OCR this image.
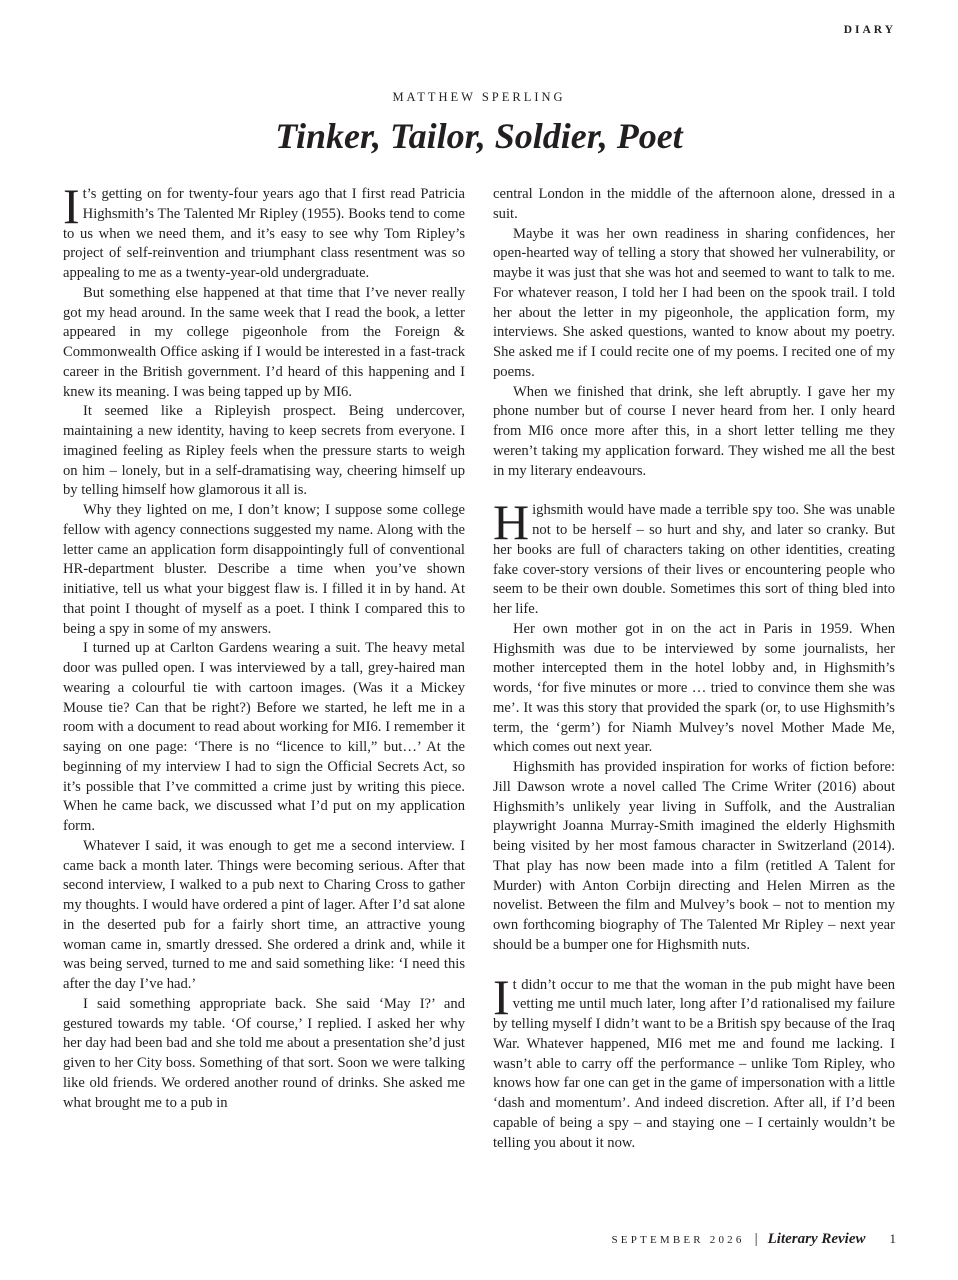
DIARY
MATTHEW SPERLING
Tinker, Tailor, Soldier, Poet

It’s getting on for twenty-four years ago that I first read Patricia Highsmith’s The Talented Mr Ripley (1955). Books tend to come to us when we need them, and it’s easy to see why Tom Ripley’s project of self-reinvention and triumphant class resentment was so appealing to me as a twenty-year-old undergraduate.

But something else happened at that time that I’ve never really got my head around. In the same week that I read the book, a letter appeared in my college pigeonhole from the Foreign & Commonwealth Office asking if I would be interested in a fast-track career in the British government. I’d heard of this happening and I knew its meaning. I was being tapped up by MI6.

It seemed like a Ripleyish prospect. Being undercover, maintaining a new identity, having to keep secrets from everyone. I imagined feeling as Ripley feels when the pressure starts to weigh on him – lonely, but in a self-dramatising way, cheering himself up by telling himself how glamorous it all is.

Why they lighted on me, I don’t know; I suppose some college fellow with agency connections suggested my name. Along with the letter came an application form disappointingly full of conventional HR-department bluster. Describe a time when you’ve shown initiative, tell us what your biggest flaw is. I filled it in by hand. At that point I thought of myself as a poet. I think I compared this to being a spy in some of my answers.

I turned up at Carlton Gardens wearing a suit. The heavy metal door was pulled open. I was interviewed by a tall, grey-haired man wearing a colourful tie with cartoon images. (Was it a Mickey Mouse tie? Can that be right?) Before we started, he left me in a room with a document to read about working for MI6. I remember it saying on one page: ‘There is no “licence to kill,” but…’ At the beginning of my interview I had to sign the Official Secrets Act, so it’s possible that I’ve committed a crime just by writing this piece. When he came back, we discussed what I’d put on my application form.

Whatever I said, it was enough to get me a second interview. I came back a month later. Things were becoming serious. After that second interview, I walked to a pub next to Charing Cross to gather my thoughts. I would have ordered a pint of lager. After I’d sat alone in the deserted pub for a fairly short time, an attractive young woman came in, smartly dressed. She ordered a drink and, while it was being served, turned to me and said something like: ‘I need this after the day I’ve had.’

I said something appropriate back. She said ‘May I?’ and gestured towards my table. ‘Of course,’ I replied. I asked her why her day had been bad and she told me about a presentation she’d just given to her City boss. Something of that sort. Soon we were talking like old friends. We ordered another round of drinks. She asked me what brought me to a pub in

central London in the middle of the afternoon alone, dressed in a suit.

Maybe it was her own readiness in sharing confidences, her open-hearted way of telling a story that showed her vulnerability, or maybe it was just that she was hot and seemed to want to talk to me. For whatever reason, I told her I had been on the spook trail. I told her about the letter in my pigeonhole, the application form, my interviews. She asked questions, wanted to know about my poetry. She asked me if I could recite one of my poems. I recited one of my poems.

When we finished that drink, she left abruptly. I gave her my phone number but of course I never heard from her. I only heard from MI6 once more after this, in a short letter telling me they weren’t taking my application forward. They wished me all the best in my literary endeavours.

Highsmith would have made a terrible spy too. She was unable not to be herself – so hurt and shy, and later so cranky. But her books are full of characters taking on other identities, creating fake cover-story versions of their lives or encountering people who seem to be their own double. Sometimes this sort of thing bled into her life.

Her own mother got in on the act in Paris in 1959. When Highsmith was due to be interviewed by some journalists, her mother intercepted them in the hotel lobby and, in Highsmith’s words, ‘for five minutes or more … tried to convince them she was me’. It was this story that provided the spark (or, to use Highsmith’s term, the ‘germ’) for Niamh Mulvey’s novel Mother Made Me, which comes out next year.

Highsmith has provided inspiration for works of fiction before: Jill Dawson wrote a novel called The Crime Writer (2016) about Highsmith’s unlikely year living in Suffolk, and the Australian playwright Joanna Murray-Smith imagined the elderly Highsmith being visited by her most famous character in Switzerland (2014). That play has now been made into a film (retitled A Talent for Murder) with Anton Corbijn directing and Helen Mirren as the novelist. Between the film and Mulvey’s book – not to mention my own forthcoming biography of The Talented Mr Ripley – next year should be a bumper one for Highsmith nuts.

It didn’t occur to me that the woman in the pub might have been vetting me until much later, long after I’d rationalised my failure by telling myself I didn’t want to be a British spy because of the Iraq War. Whatever happened, MI6 met me and found me lacking. I wasn’t able to carry off the performance – unlike Tom Ripley, who knows how far one can get in the game of impersonation with a little ‘dash and momentum’. And indeed discretion. After all, if I’d been capable of being a spy – and staying one – I certainly wouldn’t be telling you about it now.

SEPTEMBER 2026 | Literary Review 1
